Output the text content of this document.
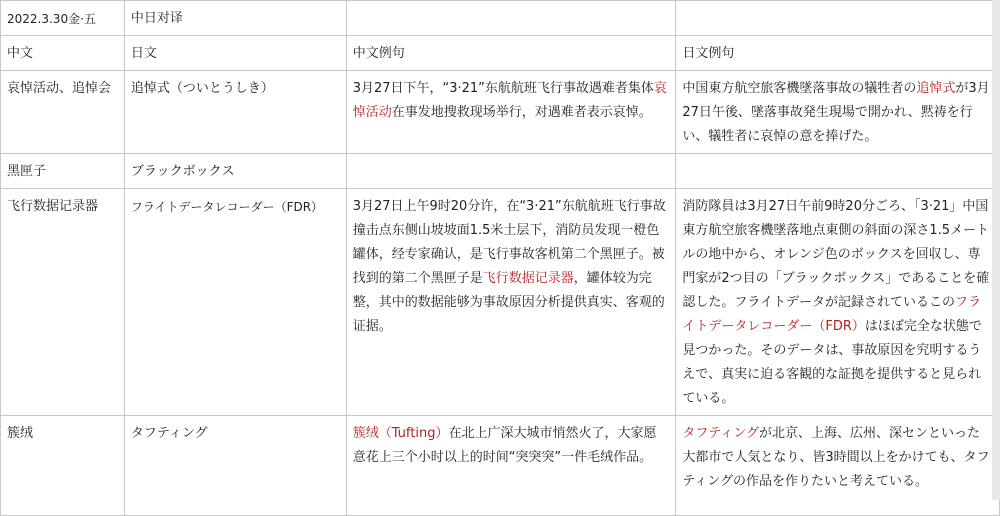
2022.3.30金·五	中日对译		
中文	日文	中文例句	日文例句
哀悼活动、追悼会	追悼式（ついとうしき）	3月27日下午，“3·21”东航航班飞行事故遇难者集体哀悼活动在事发地搜救现场举行，对遇难者表示哀悼。	中国東方航空旅客機墜落事故の犠牲者の追悼式が3月27日午後、墜落事故発生現場で開かれ、黙祷を行い、犠牲者に哀悼の意を捧げた。
黑匣子	ブラックボックス		
飞行数据记录器	フライトデータレコーダー（FDR）	3月27日上午9时20分许，在“3·21”东航航班飞行事故撞击点东侧山坡坡面1.5米土层下，消防员发现一橙色罐体，经专家确认，是飞行事故客机第二个黑匣子。被找到的第二个黑匣子是飞行数据记录器，罐体较为完整，其中的数据能够为事故原因分析提供真实、客观的证据。	消防隊員は3月27日午前9時20分ごろ、「3·21」中国東方航空旅客機墜落地点東側の斜面の深さ1.5メートルの地中から、オレンジ色のボックスを回収し、専門家が2つ目の「ブラックボックス」であることを確認した。フライトデータが記録されているこのフライトデータレコーダー（FDR）はほぼ完全な状態で見つかった。そのデータは、事故原因を究明するうえで、真実に迫る客観的な証拠を提供すると見られている。
簇绒	タフティング	簇绒（Tufting）在北上广深大城市悄然火了，大家愿意花上三个小时以上的时间“突突突”一件毛绒作品。	タフティングが北京、上海、広州、深センといった大都市で人気となり、皆3時間以上をかけても、タフティングの作品を作りたいと考えている。
